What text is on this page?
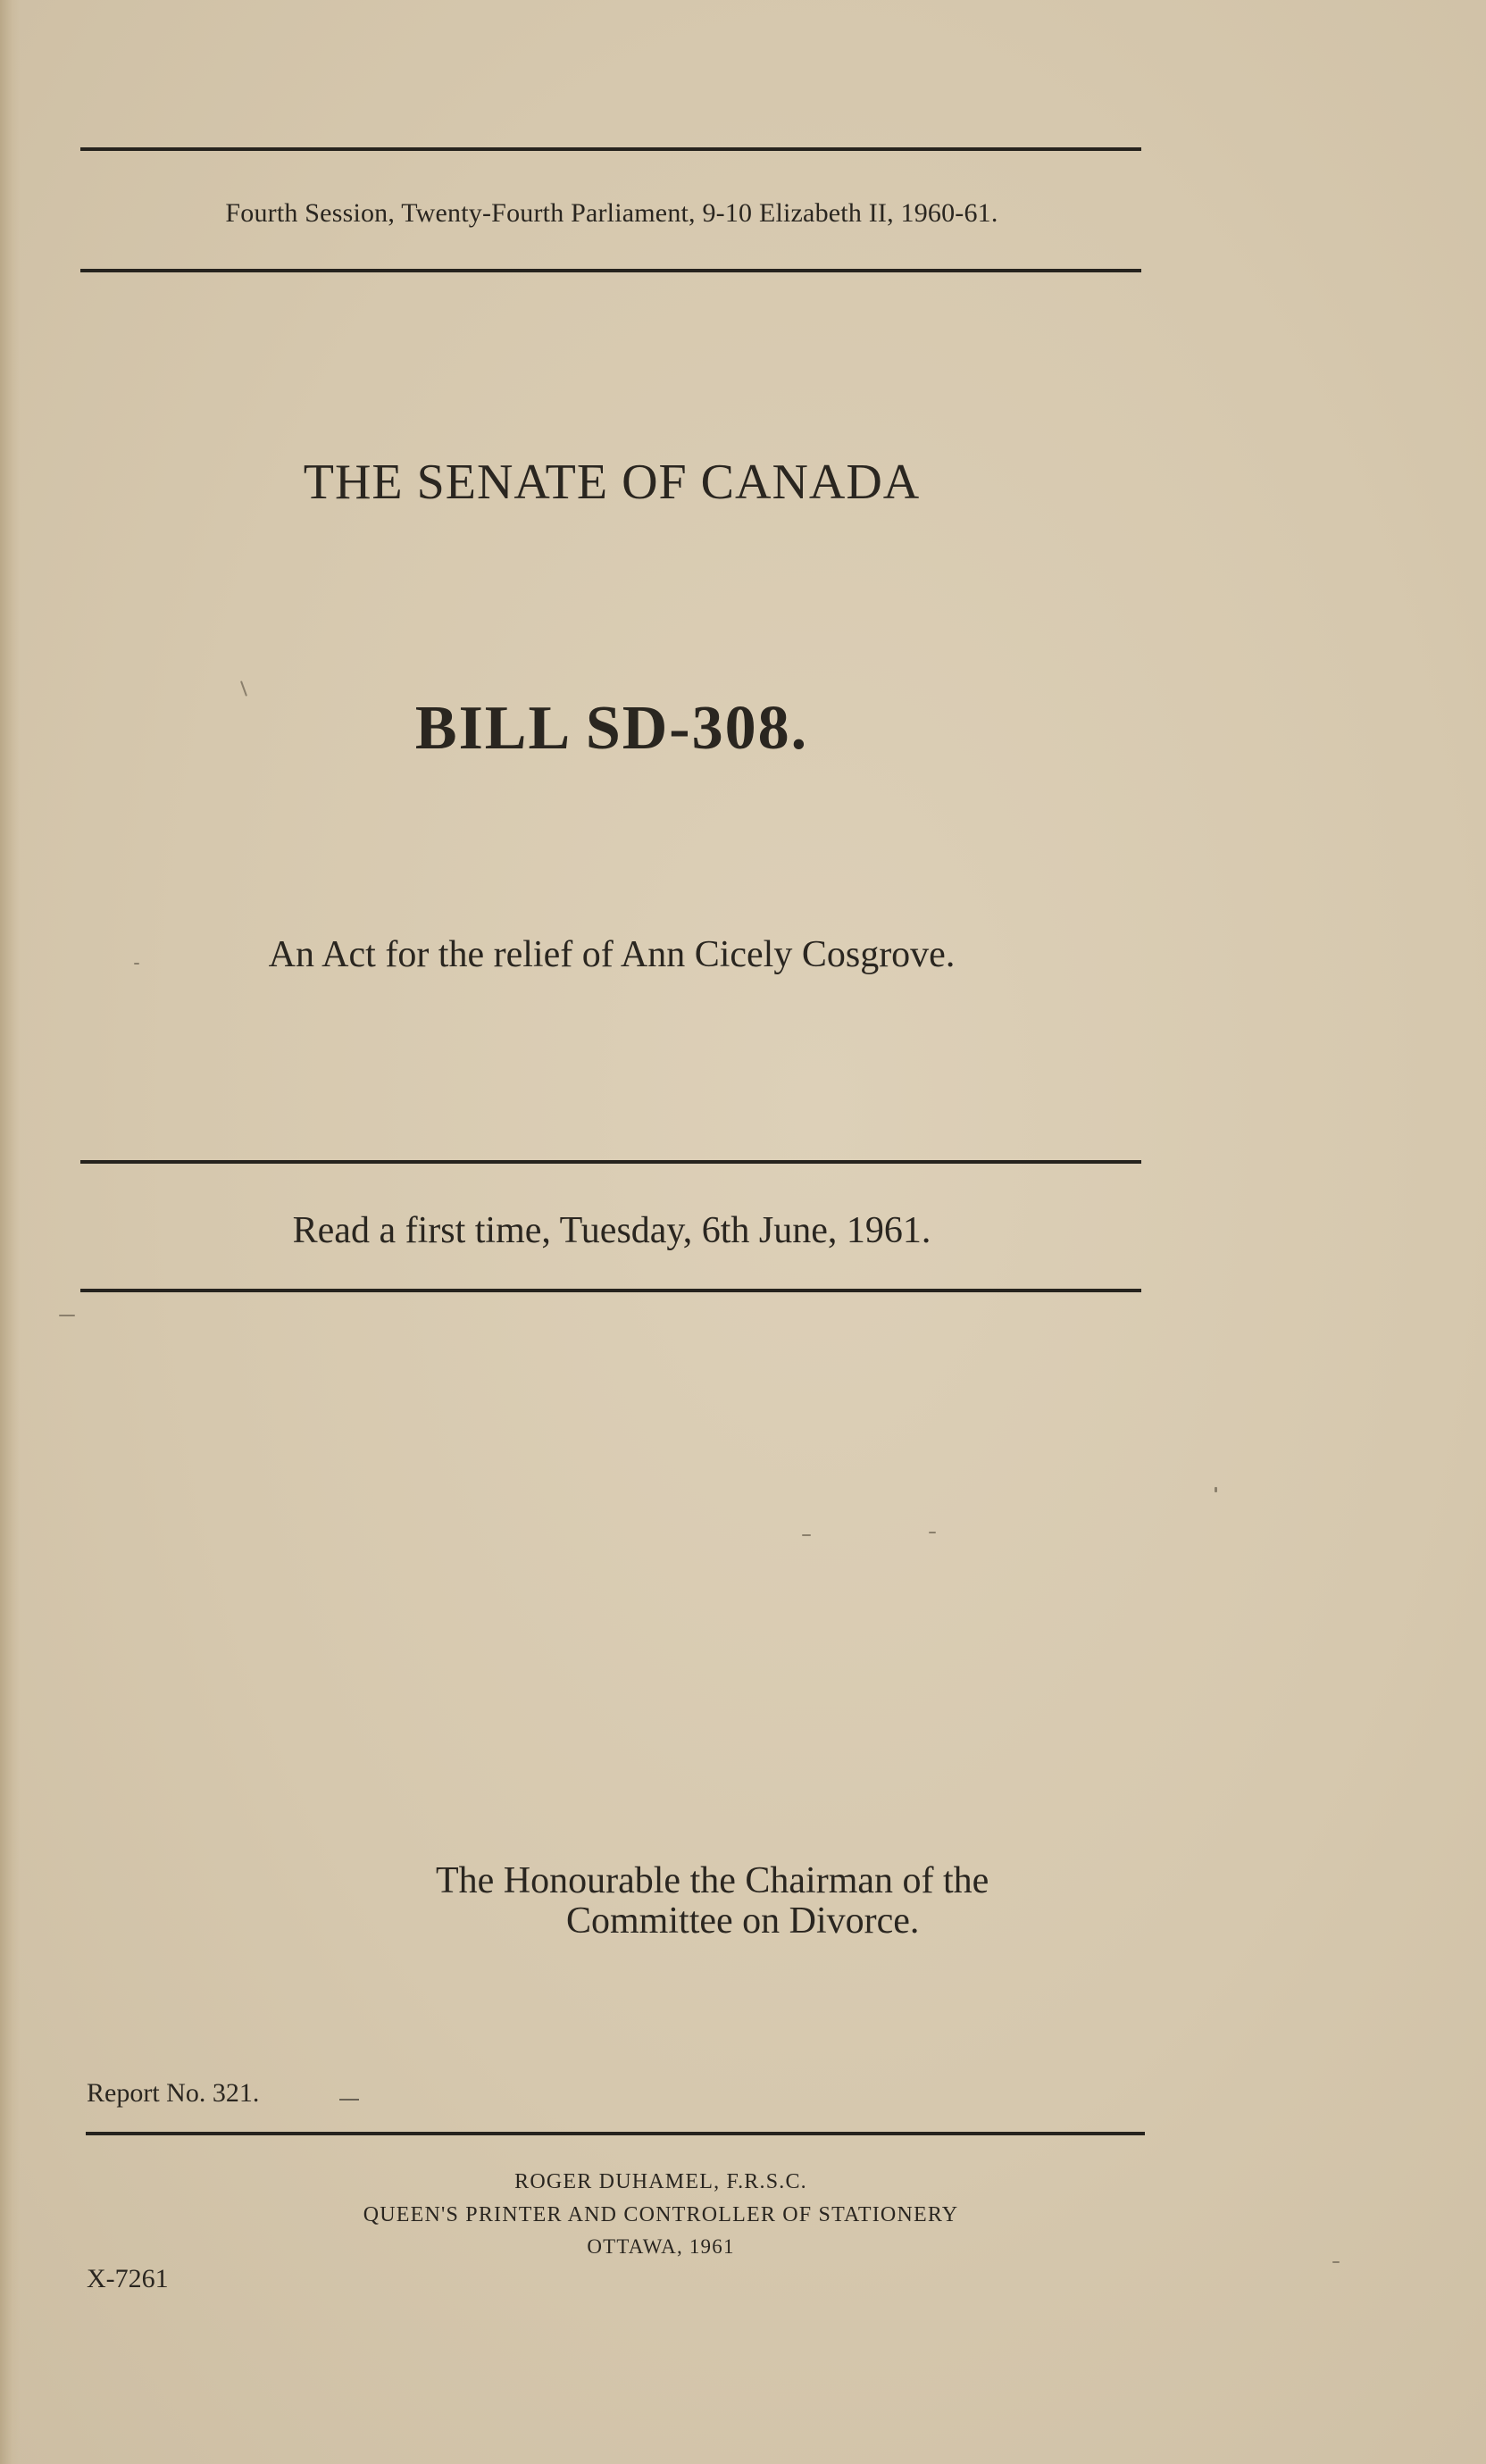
Fourth Session, Twenty-Fourth Parliament, 9-10 Elizabeth II, 1960-61.
THE SENATE OF CANADA
BILL SD-308.
An Act for the relief of Ann Cicely Cosgrove.
Read a first time, Tuesday, 6th June, 1961.
The Honourable the Chairman of the
Committee on Divorce.
Report No. 321.
ROGER DUHAMEL, F.R.S.C.
QUEEN'S PRINTER AND CONTROLLER OF STATIONERY
OTTAWA, 1961
X-7261
